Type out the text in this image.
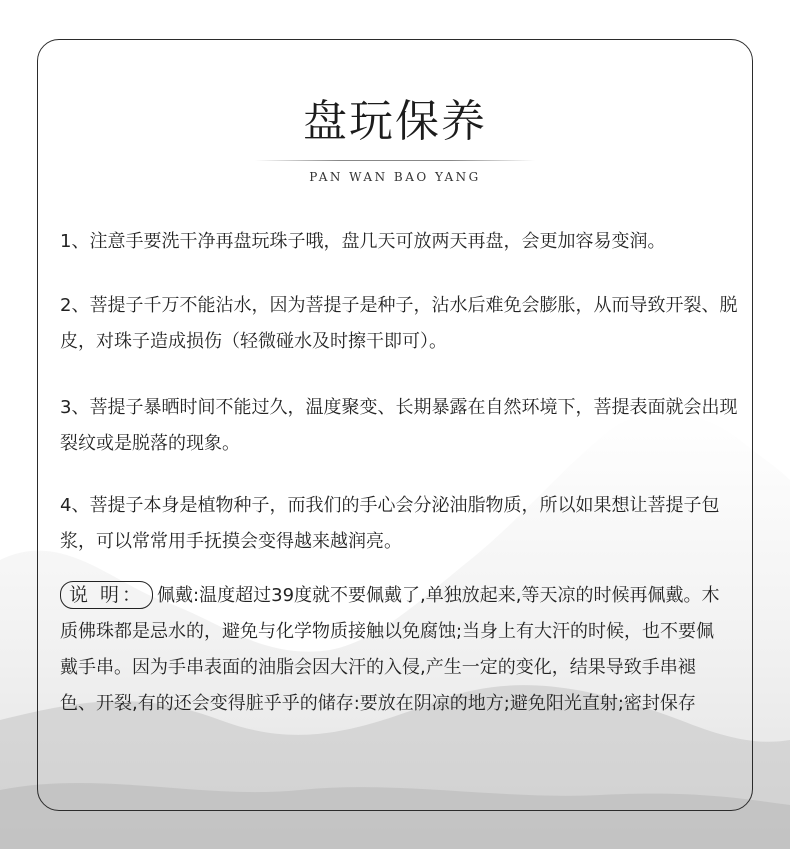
盘玩保养
PAN WAN BAO YANG
1、注意手要洗干净再盘玩珠子哦，盘几天可放两天再盘，会更加容易变润。
2、菩提子千万不能沾水，因为菩提子是种子，沾水后难免会膨胀，从而导致开裂、脱皮，对珠子造成损伤（轻微碰水及时擦干即可）。
3、菩提子暴晒时间不能过久，温度聚变、长期暴露在自然环境下，菩提表面就会出现裂纹或是脱落的现象。
4、菩提子本身是植物种子，而我们的手心会分泌油脂物质，所以如果想让菩提子包浆，可以常常用手抚摸会变得越来越润亮。
说 明： 佩戴:温度超过39度就不要佩戴了,单独放起来,等天凉的时候再佩戴。木质佛珠都是忌水的，避免与化学物质接触以免腐蚀;当身上有大汗的时候，也不要佩戴手串。因为手串表面的油脂会因大汗的入侵,产生一定的变化，结果导致手串褪色、开裂,有的还会变得脏乎乎的储存:要放在阴凉的地方;避免阳光直射;密封保存
